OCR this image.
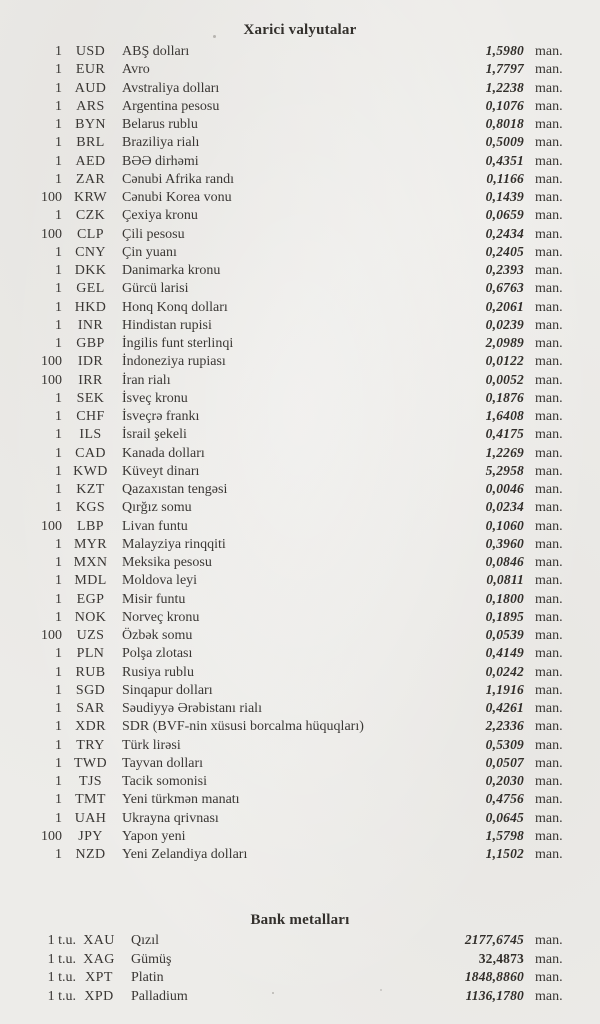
Xarici valyutalar
1 USD	ABŞ dolları	1,5980 man.
1 EUR	Avro	1,7797 man.
1 AUD	Avstraliya dolları	1,2238 man.
1	ARS	Argentina pesosu	0,1076 man.
1 BYN	Belarus rublu	0,8018 man.
1	BRL	Braziliya rialı	0,5009 man.
1 AED	BƏƏ dirhəmi	0,4351 man.
1 ZAR	Cənubi Afrika randı	0,1166 man.
100 KRW	Cənubi Korea vonu	0,1439 man.
1 CZK	Çexiya kronu	0,0659 man.
100	CLP	Çili pesosu	0,2434 man.
1 CNY	Çin yuanı	0,2405 man.
1 DKK	Danimarka kronu	0,2393 man.
1	GEL	Gürcü larisi	0,6763 man.
1 HKD	Honq Konq dolları	0,2061 man.
1	INR	Hindistan rupisi	0,0239 man.
1	GBP	İngilis funt sterlinqi	2,0989 man.
100	IDR	İndoneziya rupiası	0,0122 man.
100	IRR	İran rialı	0,0052 man.
1	SEK	İsveç kronu	0,1876 man.
1	CHF	İsveçrə frankı	1,6408 man.
1	ILS	İsrail şekeli	0,4175 man.
1 CAD	Kanada dolları	1,2269 man.
1 KWD	Küveyt dinarı	5,2958 man.
1	KZT	Qazaxıstan tengəsi	0,0046 man.
1 KGS	Qırğız somu	0,0234 man.
100	LBP	Livan funtu	0,1060 man.
1 MYR	Malayziya rinqqiti	0,3960 man.
1 MXN	Meksika pesosu	0,0846 man.
1 MDL	Moldova leyi	0,0811 man.
1	EGP	Misir funtu	0,1800 man.
1 NOK	Norveç kronu	0,1895 man.
100	UZS	Özbək somu	0,0539 man.
1	PLN	Polşa zlotası	0,4149 man.
1 RUB	Rusiya rublu	0,0242 man.
1 SGD	Sinqapur dolları	1,1916 man.
1	SAR	Səudiyyə Ərəbistanı rialı	0,4261 man.
1 XDR	SDR (BVF-nin xüsusi borcalma hüquqları)	2,2336 man.
1	TRY	Türk lirəsi	0,5309 man.
1 TWD	Tayvan dolları	0,0507 man.
1	TJS	Tacik somonisi	0,2030 man.
1 TMT	Yeni türkmən manatı	0,4756 man.
1 UAH	Ukrayna qrivnası	0,0645 man.
100	JPY	Yapon yeni	1,5798 man.
1 NZD	Yeni Zelandiya dolları	1,1502 man.
Bank metalları
1 t.u. XAU	Qızıl	2177,6745 man.
1 t.u. XAG	Gümüş	32,4873 man.
1 t.u. XPT	Platin	1848,8860 man.
1 t.u. XPD	Palladium	1136,1780 man.
